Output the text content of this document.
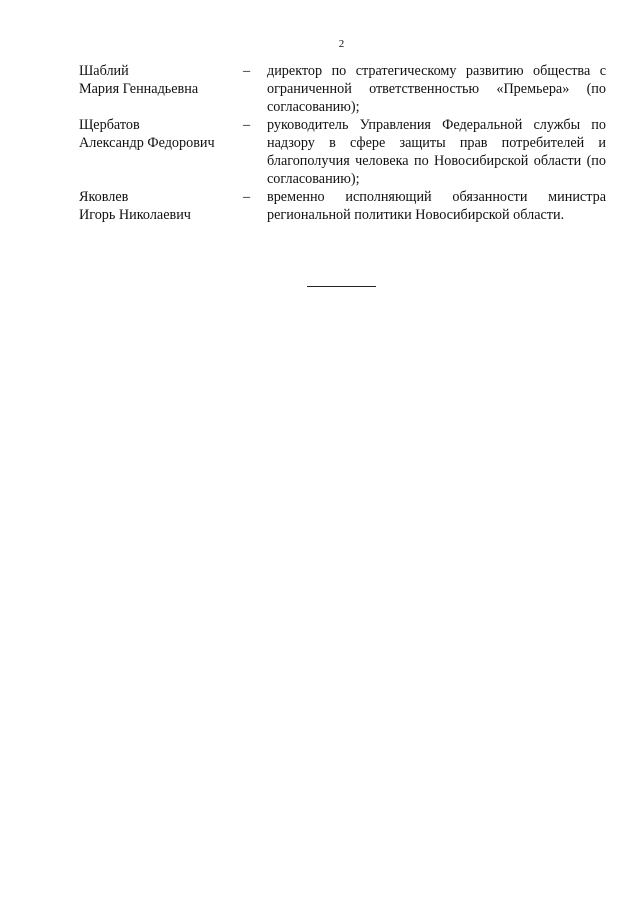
2
Шаблий
Мария Геннадьевна
–	директор по стратегическому развитию общества с ограниченной ответственностью «Премьера» (по согласованию);
Щербатов
Александр Федорович
–	руководитель Управления Федеральной службы по надзору в сфере защиты прав потребителей и благополучия человека по Новосибирской области (по согласованию);
Яковлев
Игорь Николаевич
–	временно исполняющий обязанности министра региональной политики Новосибирской области.
